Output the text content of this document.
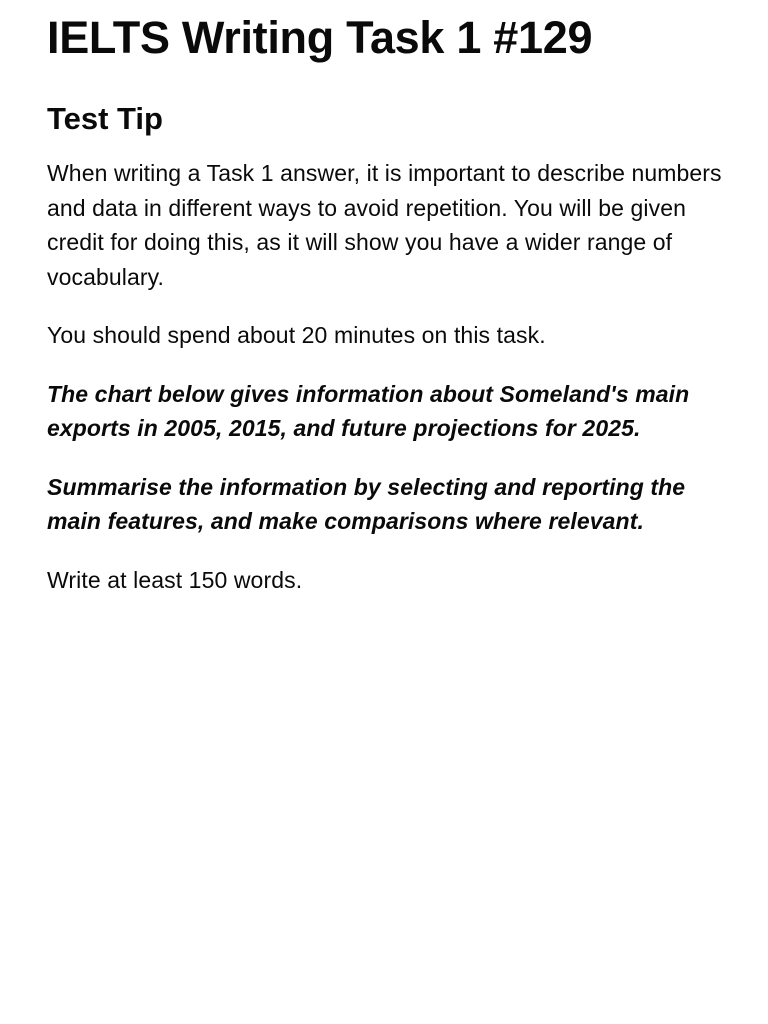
IELTS Writing Task 1 #129
Test Tip

When writing a Task 1 answer, it is important to describe numbers and data in different ways to avoid repetition. You will be given credit for doing this, as it will show you have a wider range of vocabulary.

You should spend about 20 minutes on this task.

The chart below gives information about Someland's main exports in 2005, 2015, and future projections for 2025.

Summarise the information by selecting and reporting the main features, and make comparisons where relevant.

Write at least 150 words.
